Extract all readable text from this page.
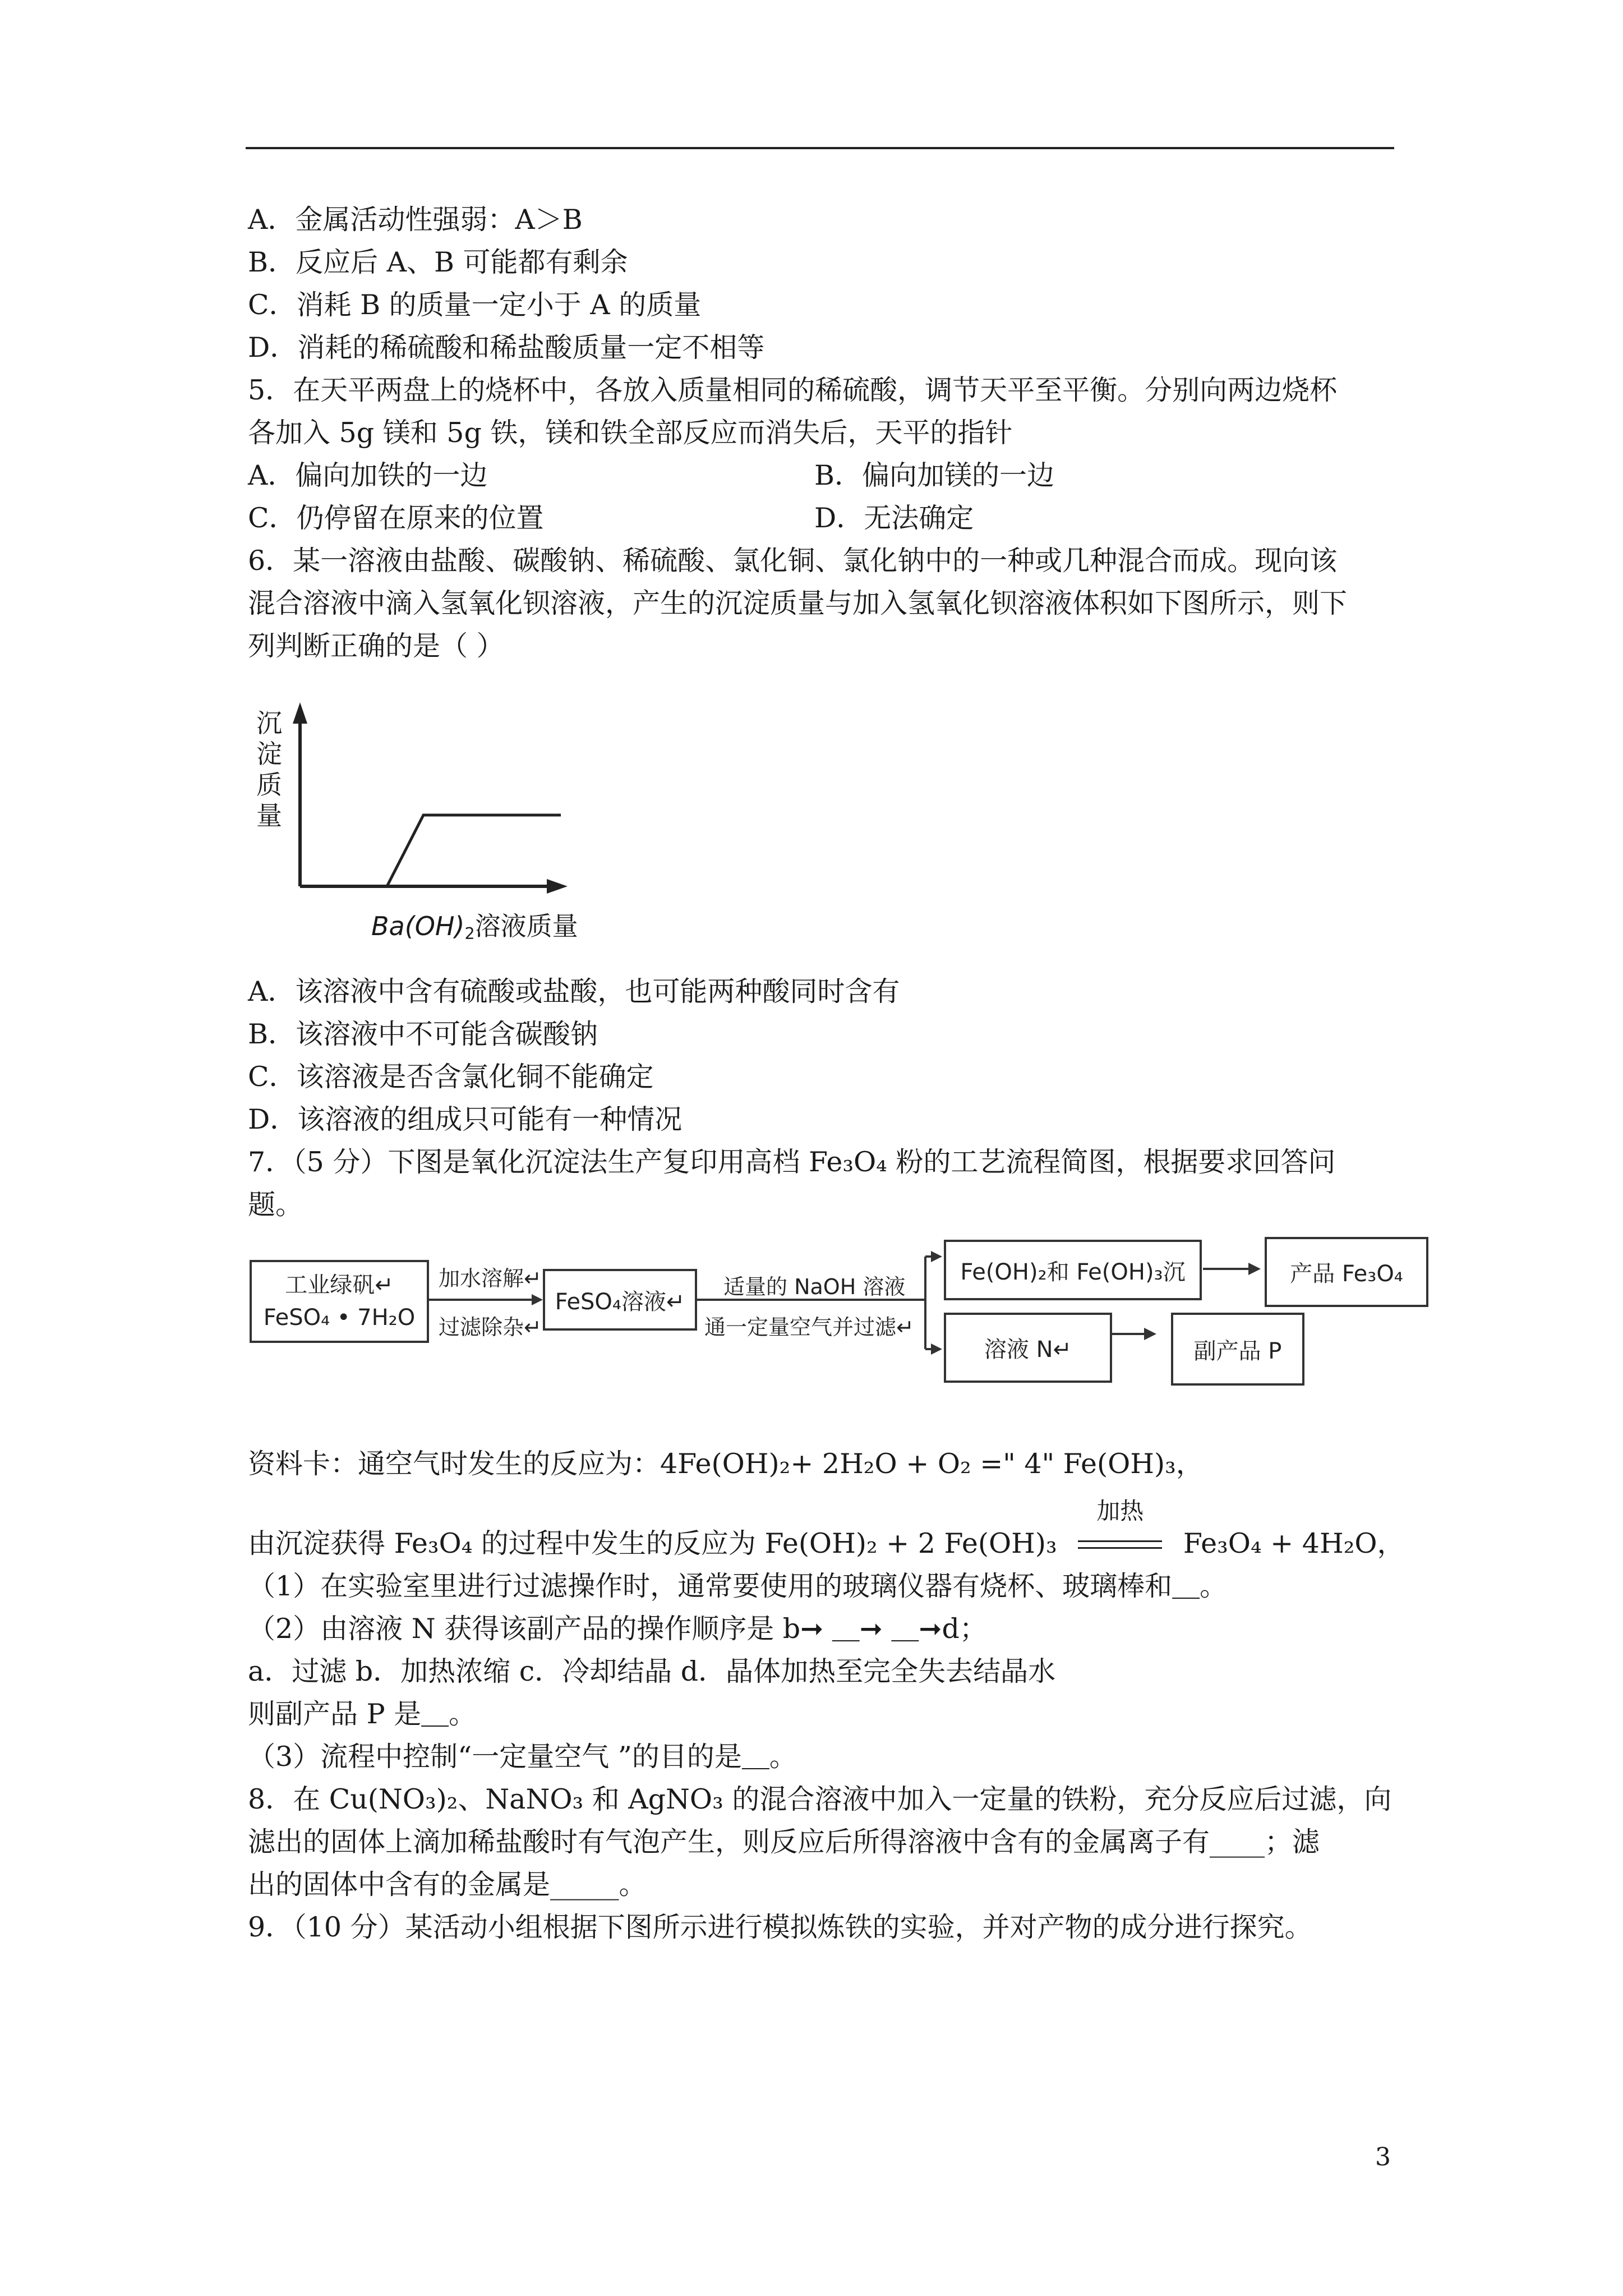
A．金属活动性强弱：A＞B
B．反应后 A、B 可能都有剩余
C．消耗 B 的质量一定小于 A 的质量
D．消耗的稀硫酸和稀盐酸质量一定不相等
5．在天平两盘上的烧杯中，各放入质量相同的稀硫酸，调节天平至平衡。分别向两边烧杯
各加入 5g 镁和 5g 铁，镁和铁全部反应而消失后，天平的指针
A．偏向加铁的一边	B．偏向加镁的一边
C．仍停留在原来的位置	D．无法确定
6．某一溶液由盐酸、碳酸钠、稀硫酸、氯化铜、氯化钠中的一种或几种混合而成。现向该
混合溶液中滴入氢氧化钡溶液，产生的沉淀质量与加入氢氧化钡溶液体积如下图所示，则下
列判断正确的是（ ）
沉
淀
质
量
$Ba(OH)_2$溶液质量
A．该溶液中含有硫酸或盐酸，也可能两种酸同时含有
B．该溶液中不可能含碳酸钠
C．该溶液是否含氯化铜不能确定
D．该溶液的组成只可能有一种情况
7．（5 分）下图是氧化沉淀法生产复印用高档 Fe₃O₄ 粉的工艺流程简图，根据要求回答问
题。
工业绿矾↵
FeSO₄ • 7H₂O
加水溶解↵
过滤除杂↵
FeSO₄溶液↵
适量的 NaOH 溶液
通一定量空气并过滤↵
Fe(OH)₂和 Fe(OH)₃沉	产品 Fe₃O₄
溶液 N↵	副产品 P
资料卡：通空气时发生的反应为：4Fe(OH)₂+ 2H₂O + O₂ =" 4" Fe(OH)₃，
由沉淀获得 Fe₃O₄ 的过程中发生的反应为 Fe(OH)₂ + 2 Fe(OH)₃
加热
Fe₃O₄ + 4H₂O，
（1）在实验室里进行过滤操作时，通常要使用的玻璃仪器有烧杯、玻璃棒和＿。
（2）由溶液 N 获得该副产品的操作顺序是 b➞ ＿➞ ＿➞d；
a．过滤 b．加热浓缩 c．冷却结晶 d．晶体加热至完全失去结晶水
则副产品 P 是＿。
（3）流程中控制“一定量空气 ”的目的是＿。
8．在 Cu(NO₃)₂、NaNO₃ 和 AgNO₃ 的混合溶液中加入一定量的铁粉，充分反应后过滤，向
滤出的固体上滴加稀盐酸时有气泡产生，则反应后所得溶液中含有的金属离子有____；滤
出的固体中含有的金属是_____。
9．（10 分）某活动小组根据下图所示进行模拟炼铁的实验，并对产物的成分进行探究。
3
